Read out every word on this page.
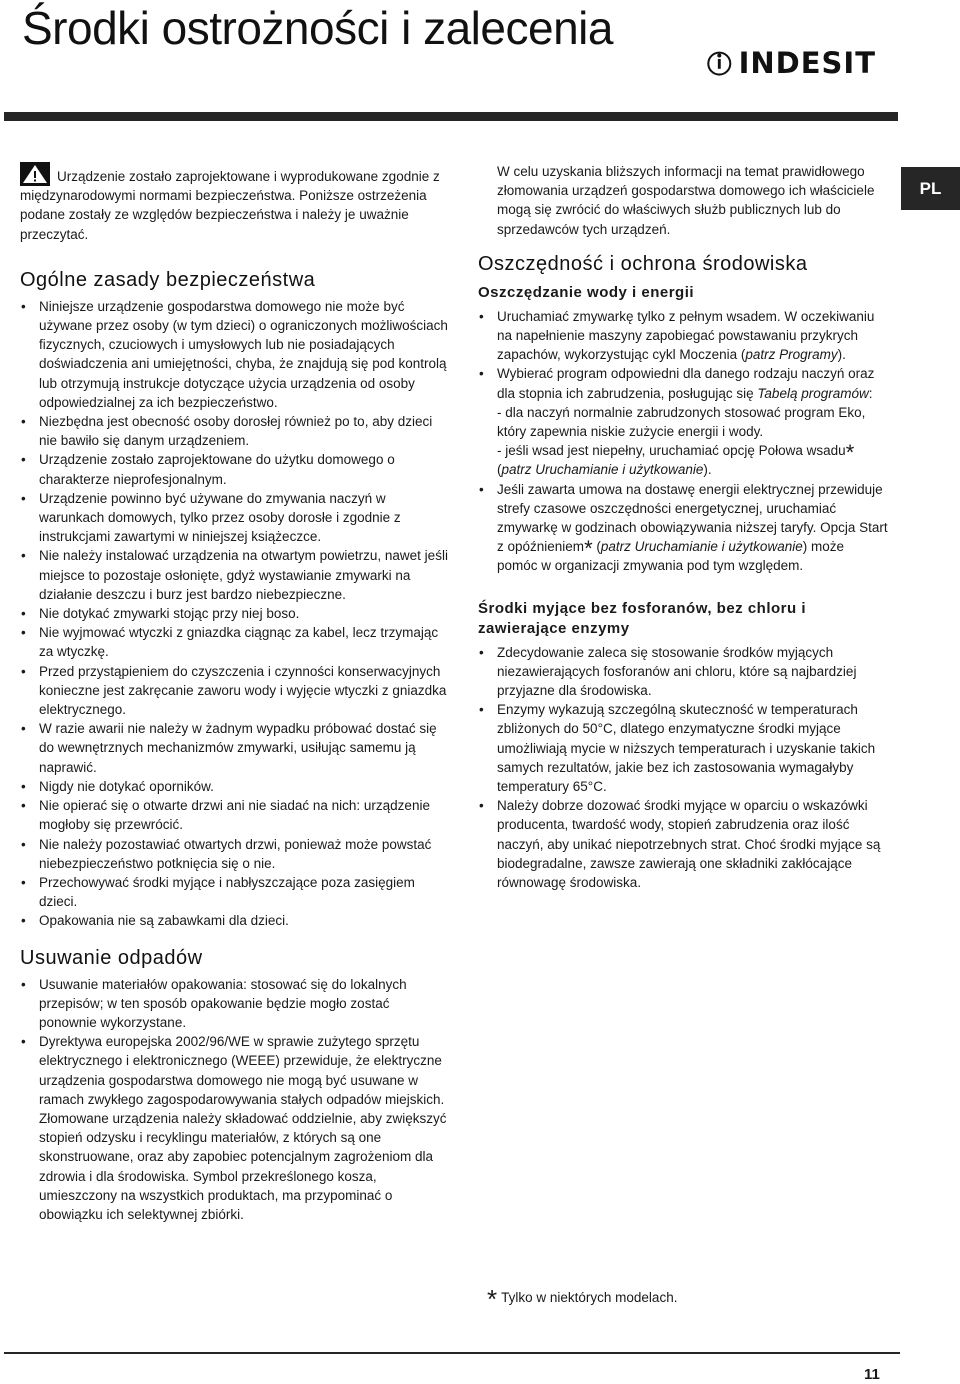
Środki ostrożności i zalecenia
INDESIT
PL

Urządzenie zostało zaprojektowane i wyprodukowane zgodnie z międzynarodowymi normami bezpieczeństwa. Poniższe ostrzeżenia podane zostały ze względów bezpieczeństwa i należy je uważnie przeczytać.

Ogólne zasady bezpieczeństwa
• Niniejsze urządzenie gospodarstwa domowego nie może być używane przez osoby (w tym dzieci) o ograniczonych możliwościach fizycznych, czuciowych i umysłowych lub nie posiadających doświadczenia ani umiejętności, chyba, że znajdują się pod kontrolą lub otrzymują instrukcje dotyczące użycia urządzenia od osoby odpowiedzialnej za ich bezpieczeństwo.
• Niezbędna jest obecność osoby dorosłej również po to, aby dzieci nie bawiło się danym urządzeniem.
• Urządzenie zostało zaprojektowane do użytku domowego o charakterze nieprofesjonalnym.
• Urządzenie powinno być używane do zmywania naczyń w warunkach domowych, tylko przez osoby dorosłe i zgodnie z instrukcjami zawartymi w niniejszej książeczce.
• Nie należy instalować urządzenia na otwartym powietrzu, nawet jeśli miejsce to pozostaje osłonięte, gdyż wystawianie zmywarki na działanie deszczu i burz jest bardzo niebezpieczne.
• Nie dotykać zmywarki stojąc przy niej boso.
• Nie wyjmować wtyczki z gniazdka ciągnąc za kabel, lecz trzymając za wtyczkę.
• Przed przystąpieniem do czyszczenia i czynności konserwacyjnych konieczne jest zakręcanie zaworu wody i wyjęcie wtyczki z gniazdka elektrycznego.
• W razie awarii nie należy w żadnym wypadku próbować dostać się do wewnętrznych mechanizmów zmywarki, usiłując samemu ją naprawić.
• Nigdy nie dotykać oporników.
• Nie opierać się o otwarte drzwi ani nie siadać na nich: urządzenie mogłoby się przewrócić.
• Nie należy pozostawiać otwartych drzwi, ponieważ może powstać niebezpieczeństwo potknięcia się o nie.
• Przechowywać środki myjące i nabłyszczające poza zasięgiem dzieci.
• Opakowania nie są zabawkami dla dzieci.
Usuwanie odpadów
• Usuwanie materiałów opakowania: stosować się do lokalnych przepisów; w ten sposób opakowanie będzie mogło zostać ponownie wykorzystane.
• Dyrektywa europejska 2002/96/WE w sprawie zużytego sprzętu elektrycznego i elektronicznego (WEEE) przewiduje, że elektryczne urządzenia gospodarstwa domowego nie mogą być usuwane w ramach zwykłego zagospodarowywania stałych odpadów miejskich. Złomowane urządzenia należy składować oddzielnie, aby zwiększyć stopień odzysku i recyklingu materiałów, z których są one skonstruowane, oraz aby zapobiec potencjalnym zagrożeniom dla zdrowia i dla środowiska. Symbol przekreślonego kosza, umieszczony na wszystkich produktach, ma przypominać o obowiązku ich selektywnej zbiórki.

W celu uzyskania bliższych informacji na temat prawidłowego złomowania urządzeń gospodarstwa domowego ich właściciele mogą się zwrócić do właściwych służb publicznych lub do sprzedawców tych urządzeń.

Oszczędność i ochrona środowiska
Oszczędzanie wody i energii
• Uruchamiać zmywarkę tylko z pełnym wsadem. W oczekiwaniu na napełnienie maszyny zapobiegać powstawaniu przykrych zapachów, wykorzystując cykl Moczenia (patrz Programy).
• Wybierać program odpowiedni dla danego rodzaju naczyń oraz dla stopnia ich zabrudzenia, posługując się Tabelą programów:
- dla naczyń normalnie zabrudzonych stosować program Eko, który zapewnia niskie zużycie energii i wody.
- jeśli wsad jest niepełny, uruchamiać opcję Połowa wsadu*
(patrz Uruchamianie i użytkowanie).
• Jeśli zawarta umowa na dostawę energii elektrycznej przewiduje strefy czasowe oszczędności energetycznej, uruchamiać zmywarkę w godzinach obowiązywania niższej taryfy. Opcja Start z opóźnieniem* (patrz Uruchamianie i użytkowanie) może pomóc w organizacji zmywania pod tym względem.
Środki myjące bez fosforanów, bez chloru i zawierające enzymy
• Zdecydowanie zaleca się stosowanie środków myjących niezawierających fosforanów ani chloru, które są najbardziej przyjazne dla środowiska.
• Enzymy wykazują szczególną skuteczność w temperaturach zbliżonych do 50°C, dlatego enzymatyczne środki myjące umożliwiają mycie w niższych temperaturach i uzyskanie takich samych rezultatów, jakie bez ich zastosowania wymagałyby temperatury 65°C.
• Należy dobrze dozować środki myjące w oparciu o wskazówki producenta, twardość wody, stopień zabrudzenia oraz ilość naczyń, aby unikać niepotrzebnych strat. Choć środki myjące są biodegradalne, zawsze zawierają one składniki zakłócające równowagę środowiska.
* Tylko w niektórych modelach.
11
